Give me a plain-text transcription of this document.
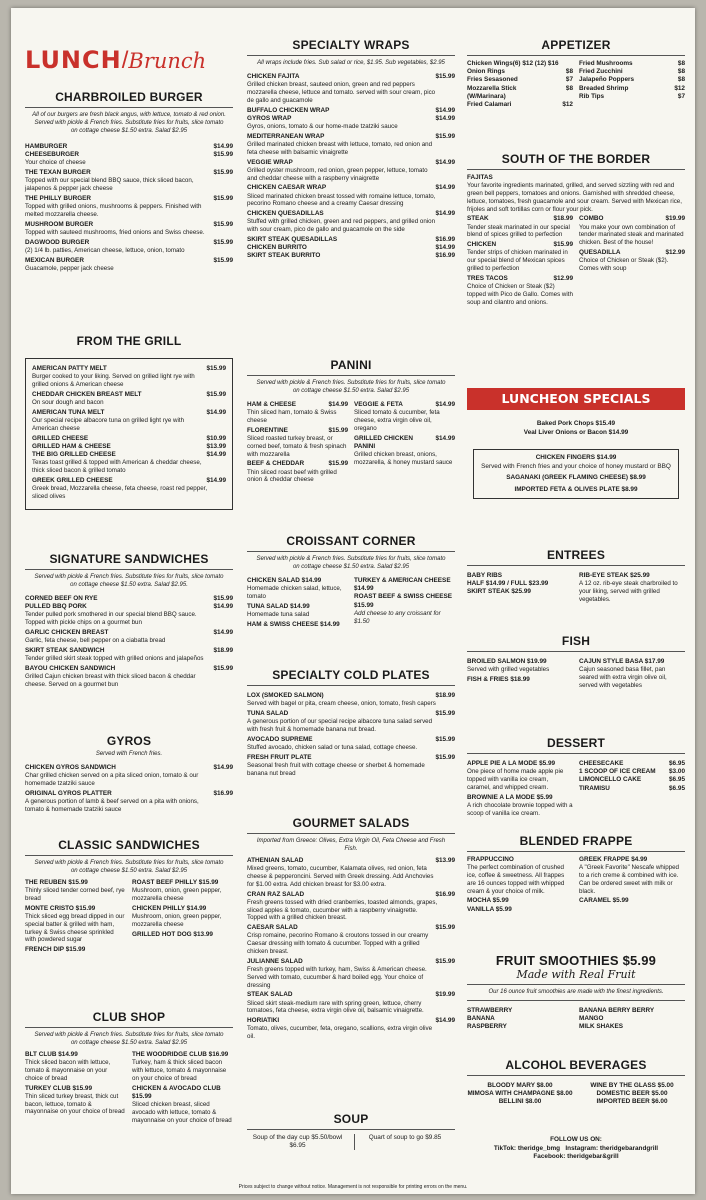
LUNCH/Brunch
CHARBROILED BURGER
All of our burgers are fresh black angus, with lettuce, tomato & red onion. Served with pickle & French fries. Substitute fries for fruits, slice tomato on cottage cheese $1.50 extra. Salad $2.95
HAMBURGER	$14.99
CHEESEBURGER	$15.99
Your choice of cheese
THE TEXAN BURGER	$15.99
Topped with our special blend BBQ sauce, thick sliced bacon, jalapenos & pepper jack cheese
THE PHILLY BURGER	$15.99
Topped with grilled onions, mushrooms & peppers. Finished with melted mozzarella cheese.
MUSHROOM BURGER	$15.99
Topped with sauteed mushrooms, fried onions and Swiss cheese.
DAGWOOD BURGER	$15.99
(2) 1/4 lb. patties, American cheese, lettuce, onion, tomato
MEXICAN BURGER	$15.99
Guacamole, pepper jack cheese
FROM THE GRILL
AMERICAN PATTY MELT	$15.99
Burger cooked to your liking. Served on grilled light rye with grilled onions & American cheese
CHEDDAR CHICKEN BREAST MELT	$15.99
On sour dough and bacon
AMERICAN TUNA MELT	$14.99
Our special recipe albacore tuna on grilled light rye with American cheese
GRILLED CHEESE	$10.99
GRILLED HAM & CHEESE	$13.99
THE BIG GRILLED CHEESE	$14.99
Texas toast grilled & topped with American & cheddar cheese, thick sliced bacon & grilled tomato
GREEK GRILLED CHEESE	$14.99
Greek bread, Mozzarella cheese, feta cheese, roast red pepper, sliced olives
SIGNATURE SANDWICHES
Served with pickle & French fries. Substitute fries for fruits, slice tomato on cottage cheese $1.50 extra. Salad $2.95.
CORNED BEEF ON RYE	$15.99
PULLED BBQ PORK	$14.99
Tender pulled pork smothered in our special blend BBQ sauce. Topped with pickle chips on a gourmet bun
GARLIC CHICKEN BREAST	$14.99
Garlic, feta cheese, bell pepper on a ciabatta bread
SKIRT STEAK SANDWICH	$18.99
Tender grilled skirt steak topped with grilled onions and jalapeños
BAYOU CHICKEN SANDWICH	$15.99
Grilled Cajun chicken breast with thick sliced bacon & cheddar cheese. Served on a gourmet bun
GYROS
Served with French fries.
CHICKEN GYROS SANDWICH	$14.99
Char grilled chicken served on a pita sliced onion, tomato & our homemade tzatziki sauce
ORIGINAL GYROS PLATTER	$16.99
A generous portion of lamb & beef served on a pita with onions, tomato & homemade tzatziki sauce
CLASSIC SANDWICHES
Served with pickle & French fries. Substitute fries for fruits, slice tomato on cottage cheese $1.50 extra. Salad $2.95
THE REUBEN $15.99
Thinly sliced tender corned beef, rye bread
MONTE CRISTO $15.99
Thick sliced egg bread dipped in our special batter & grilled with ham, turkey & Swiss cheese sprinkled with powdered sugar
FRENCH DIP $15.99
ROAST BEEF PHILLY $15.99
Mushroom, onion, green pepper, mozzarella cheese
CHICKEN PHILLY $14.99
Mushroom, onion, green pepper, mozzarella cheese
GRILLED HOT DOG $13.99
CLUB SHOP
Served with pickle & French fries. Substitute fries for fruits, slice tomato on cottage cheese $1.50 extra. Salad $2.95
BLT CLUB $14.99
Thick sliced bacon with lettuce, tomato & mayonnaise on your choice of bread
TURKEY CLUB $15.99
Thin sliced turkey breast, thick cut bacon, lettuce, tomato & mayonnaise on your choice of bread
THE WOODRIDGE CLUB $16.99
Turkey, ham & thick sliced bacon with lettuce, tomato & mayonnaise on your choice of bread
CHICKEN & AVOCADO CLUB $15.99
Sliced chicken breast, sliced avocado with lettuce, tomato & mayonnaise on your choice of bread
SPECIALTY WRAPS
All wraps include fries. Sub salad or rice, $1.95. Sub vegetables, $2.95
CHICKEN FAJITA	$15.99
Grilled chicken breast, sauteed onion, green and red peppers mozzarella cheese, lettuce and tomato. served with sour cream, pico de gallo and guacamole
BUFFALO CHICKEN WRAP	$14.99
GYROS WRAP	$14.99
Gyros, onions, tomato & our home-made tzatziki sauce
MEDITERRANEAN WRAP	$15.99
Grilled marinated chicken breast with lettuce, tomato, red onion and feta cheese with balsamic vinaigrette
VEGGIE WRAP	$14.99
Grilled oyster mushroom, red onion, green pepper, lettuce, tomato and cheddar cheese with a raspberry vinaigrette
CHICKEN CAESAR WRAP	$14.99
Sliced marinated chicken breast tossed with romaine lettuce, tomato, pecorino Romano cheese and a creamy Caesar dressing
CHICKEN QUESADILLAS	$14.99
Stuffed with grilled chicken, green and red peppers, and grilled onion with sour cream, pico de gallo and guacamole on the side
SKIRT STEAK QUESADILLAS	$16.99
CHICKEN BURRITO	$14.99
SKIRT STEAK BURRITO	$16.99
PANINI
Served with pickle & French fries. Substitute fries for fruits, slice tomato on cottage cheese $1.50 extra. Salad $2.95
HAM & CHEESE	$14.99
Thin sliced ham, tomato & Swiss cheese
FLORENTINE	$15.99
Sliced roasted turkey breast, or corned beef, tomato & fresh spinach with mozzarella
BEEF & CHEDDAR	$15.99
Thin sliced roast beef with grilled onion & cheddar cheese
VEGGIE & FETA	$14.99
Sliced tomato & cucumber, feta cheese, extra virgin olive oil, oregano
GRILLED CHICKEN PANINI
$14.99
Grilled chicken breast, onions, mozzarella, & honey mustard sauce
CROISSANT CORNER
Served with pickle & French fries. Substitute fries for fruits, slice tomato on cottage cheese $1.50 extra. Salad $2.95
CHICKEN SALAD $14.99
Homemade chicken salad, lettuce, tomato
TUNA SALAD $14.99
Homemade tuna salad
HAM & SWISS CHEESE $14.99
TURKEY & AMERICAN CHEESE $14.99
ROAST BEEF & SWISS CHEESE $15.99
Add cheese to any croissant for $1.50
SPECIALTY COLD PLATES
LOX (SMOKED SALMON)	$18.99
Served with bagel or pita, cream cheese, onion, tomato, fresh capers
TUNA SALAD	$15.99
A generous portion of our special recipe albacore tuna salad served with fresh fruit & homemade banana nut bread.
AVOCADO SUPREME	$15.99
Stuffed avocado, chicken salad or tuna salad, cottage cheese.
FRESH FRUIT PLATE	$15.99
Seasonal fresh fruit with cottage cheese or sherbet & homemade banana nut bread
GOURMET SALADS
Imported from Greece: Olives, Extra Virgin Oil, Feta Cheese and Fresh Fish.
ATHENIAN SALAD	$13.99
Mixed greens, tomato, cucumber, Kalamata olives, red onion, feta cheese & pepperoncini. Served with Greek dressing. Add Anchovies for $1.00 extra. Add chicken breast for $3.00 extra.
CRAN RAZ SALAD	$16.99
Fresh greens tossed with dried cranberries, toasted almonds, grapes, sliced apples & tomato, cucumber with a raspberry vinaigrette. Topped with a grilled chicken breast.
CAESAR SALAD	$15.99
Crisp romaine, pecorino Romano & croutons tossed in our creamy Caesar dressing with tomato & cucumber. Topped with a grilled chicken breast.
JULIANNE SALAD	$15.99
Fresh greens topped with turkey, ham, Swiss & American cheese. Served with tomato, cucumber & hard boiled egg. Your choice of dressing
STEAK SALAD	$19.99
Sliced skirt steak-medium rare with spring green, lettuce, cherry tomatoes, feta cheese, extra virgin olive oil, balsamic vinaigrette.
HORIATIKI	$14.99
Tomato, olives, cucumber, feta, oregano, scallions, extra virgin olive oil.
SOUP
Soup of the day cup $5.50/bowl $6.95
Quart of soup to go $9.85
APPETIZER
Chicken Wings(6) $12 (12) $16
Onion Rings	$8
Fries Sesasoned	$7
Mozzarella Stick	$8
(W/Marinara)
Fried Calamari	$12
Fried Mushrooms	$8
Fried Zucchini	$8
Jalapeño Poppers	$8
Breaded Shrimp	$12
Rib Tips	$7
SOUTH OF THE BORDER
FAJITAS
Your favorite ingredients marinated, grilled, and served sizzling with red and green bell peppers, tomatoes and onions. Garnished with shredded cheese, lettuce, tomatoes, fresh guacamole and sour cream. Served with Mexican rice, frijoles and soft tortillas corn or flour your pick.
STEAK	$18.99
Tender steak marinated in our special blend of spices grilled to perfection
CHICKEN	$15.99
Tender strips of chicken marinated in our special blend of Mexican spices grilled to perfection
TRES TACOS	$12.99
Choice of Chicken or Steak ($2) topped with Pico de Gallo. Comes with soup and cilantro and onions.
COMBO	$19.99
You make your own combination of tender marinated steak and marinated chicken. Best of the house!
QUESADILLA	$12.99
Choice of Chicken or Steak ($2). Comes with soup
LUNCHEON SPECIALS
Baked Pork Chops $15.49
Veal Liver Onions or Bacon $14.99
CHICKEN FINGERS $14.99
Served with French fries and your choice of honey mustard or BBQ
SAGANAKI (GREEK FLAMING CHEESE) $8.99
IMPORTED FETA & OLIVES PLATE $8.99
ENTREES
BABY RIBS
HALF $14.99 / FULL $23.99
SKIRT STEAK $25.99
RIB-EYE STEAK $25.99
A 12 oz. rib-eye steak charbroiled to your liking, served with grilled vegetables.
FISH
BROILED SALMON $19.99
Served with grilled vegetables
FISH & FRIES $18.99
CAJUN STYLE BASA $17.99
Cajun seasoned basa fillet, pan seared with extra virgin olive oil, served with vegetables
DESSERT
APPLE PIE A LA MODE $5.99
One piece of home made apple pie topped with vanilla ice cream, caramel, and whipped cream.
BROWNIE A LA MODE $5.99
A rich chocolate brownie topped with a scoop of vanilla ice cream.
CHEESECAKE	$6.95
1 SCOOP OF ICE CREAM $3.00
LIMONCELLO CAKE	$6.95
TIRAMISU	$6.95
BLENDED FRAPPE
FRAPPUCCINO
The perfect combination of crushed ice, coffee & sweetness. All frappes are 16 ounces topped with whipped cream & your choice of milk.
MOCHA $5.99
VANILLA $5.99
GREEK FRAPPE $4.99
A "Greek Favorite" Nescafe whipped to a rich creme & combined with ice. Can be ordered sweet with milk or black.
CARAMEL $5.99
FRUIT SMOOTHIES $5.99
Made with Real Fruit
Our 16 ounce fruit smoothies are made with the finest ingredients.
STRAWBERRY
BANANA
RASPBERRY
BANANA BERRY BERRY
MANGO
MILK SHAKES
ALCOHOL BEVERAGES
BLOODY MARY $8.00
MIMOSA WITH CHAMPAGNE $8.00
BELLINI $8.00
WINE BY THE GLASS $5.00
DOMESTIC BEER $5.00
IMPORTED BEER $6.00
FOLLOW US ON:
TikTok: theridge_bmg Instagram: theridgebarandgrill
Facebook: theridgebar&grill
Prices subject to change without notice. Management is not responsible for printing errors on the menu.
